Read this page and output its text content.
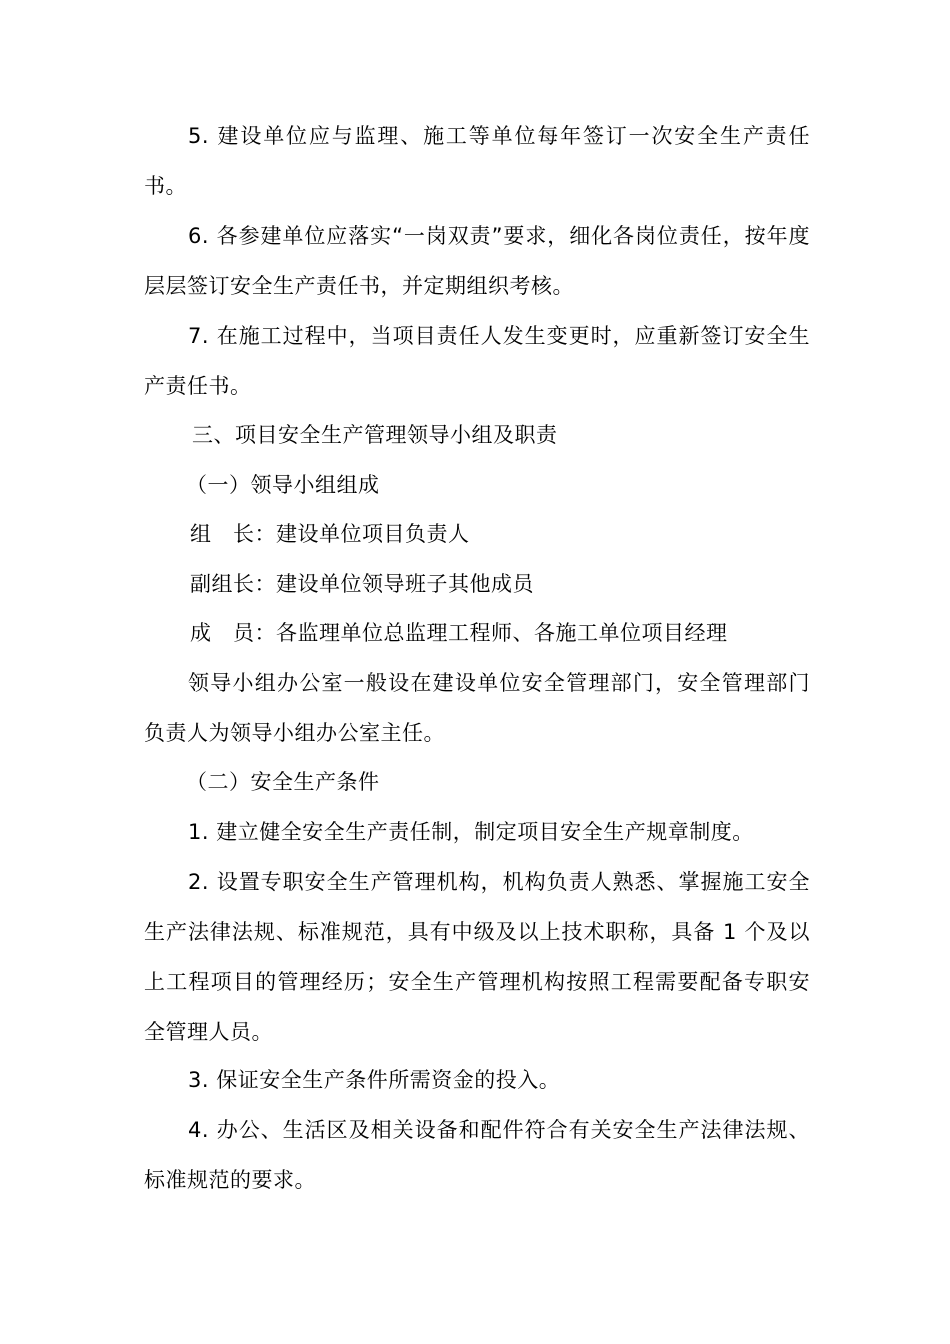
5. 建设单位应与监理、施工等单位每年签订一次安全生产责任书。

6. 各参建单位应落实“一岗双责”要求，细化各岗位责任，按年度层层签订安全生产责任书，并定期组织考核。

7. 在施工过程中，当项目责任人发生变更时，应重新签订安全生产责任书。

三、项目安全生产管理领导小组及职责

（一）领导小组组成

组　长：建设单位项目负责人

副组长：建设单位领导班子其他成员

成　员：各监理单位总监理工程师、各施工单位项目经理

领导小组办公室一般设在建设单位安全管理部门，安全管理部门负责人为领导小组办公室主任。

（二）安全生产条件

1. 建立健全安全生产责任制，制定项目安全生产规章制度。

2. 设置专职安全生产管理机构，机构负责人熟悉、掌握施工安全生产法律法规、标准规范，具有中级及以上技术职称，具备 1 个及以上工程项目的管理经历；安全生产管理机构按照工程需要配备专职安全管理人员。

3. 保证安全生产条件所需资金的投入。

4. 办公、生活区及相关设备和配件符合有关安全生产法律法规、标准规范的要求。
